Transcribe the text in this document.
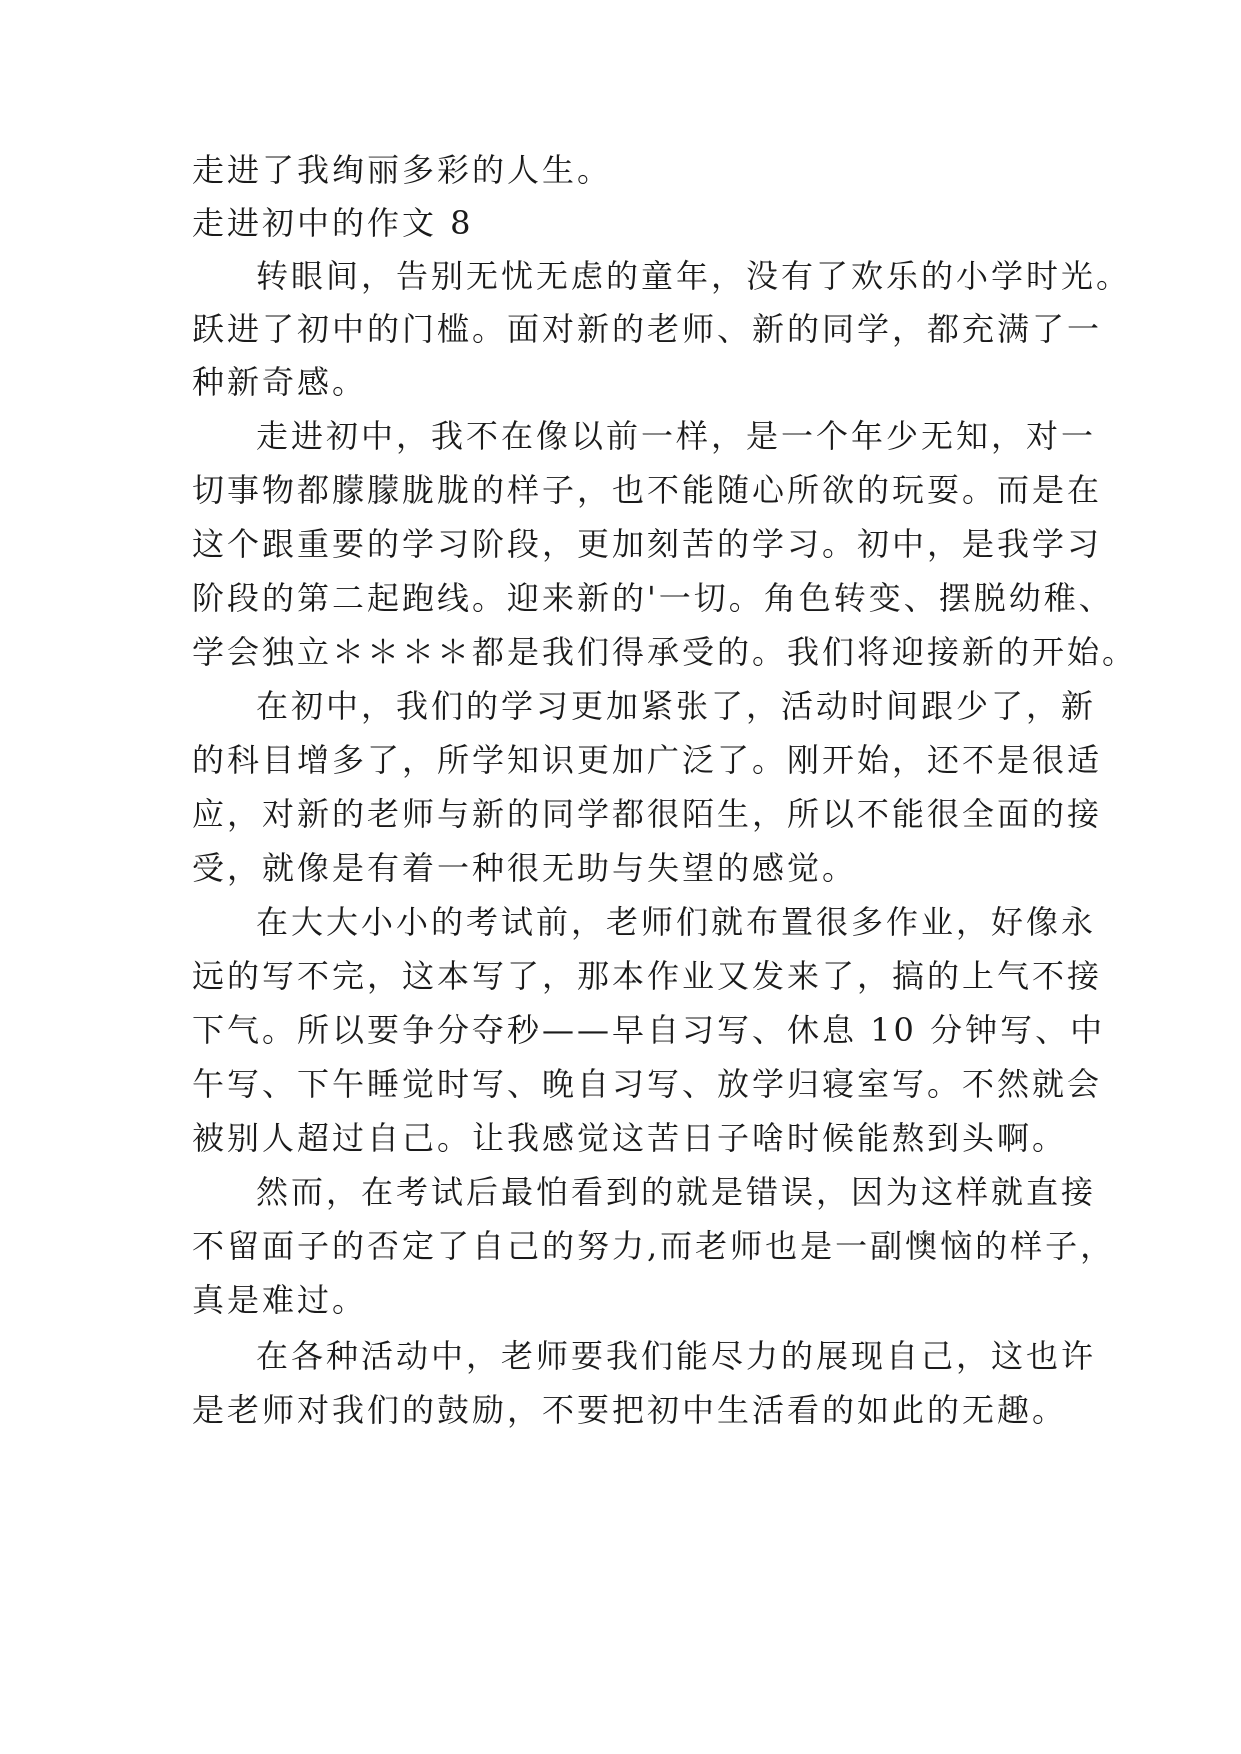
走进了我绚丽多彩的人生。
走进初中的作文 8
转眼间，告别无忧无虑的童年，没有了欢乐的小学时光。
跃进了初中的门槛。面对新的老师、新的同学，都充满了一
种新奇感。
走进初中，我不在像以前一样，是一个年少无知，对一
切事物都朦朦胧胧的样子，也不能随心所欲的玩耍。而是在
这个跟重要的学习阶段，更加刻苦的学习。初中，是我学习
阶段的第二起跑线。迎来新的'一切。角色转变、摆脱幼稚、
学会独立＊＊＊＊都是我们得承受的。我们将迎接新的开始。
在初中，我们的学习更加紧张了，活动时间跟少了，新
的科目增多了，所学知识更加广泛了。刚开始，还不是很适
应，对新的老师与新的同学都很陌生，所以不能很全面的接
受，就像是有着一种很无助与失望的感觉。
在大大小小的考试前，老师们就布置很多作业，好像永
远的写不完，这本写了，那本作业又发来了，搞的上气不接
下气。所以要争分夺秒——早自习写、休息 10 分钟写、中
午写、下午睡觉时写、晚自习写、放学归寝室写。不然就会
被别人超过自己。让我感觉这苦日子啥时候能熬到头啊。
然而，在考试后最怕看到的就是错误，因为这样就直接
不留面子的否定了自己的努力,而老师也是一副懊恼的样子，
真是难过。
在各种活动中，老师要我们能尽力的展现自己，这也许
是老师对我们的鼓励，不要把初中生活看的如此的无趣。
